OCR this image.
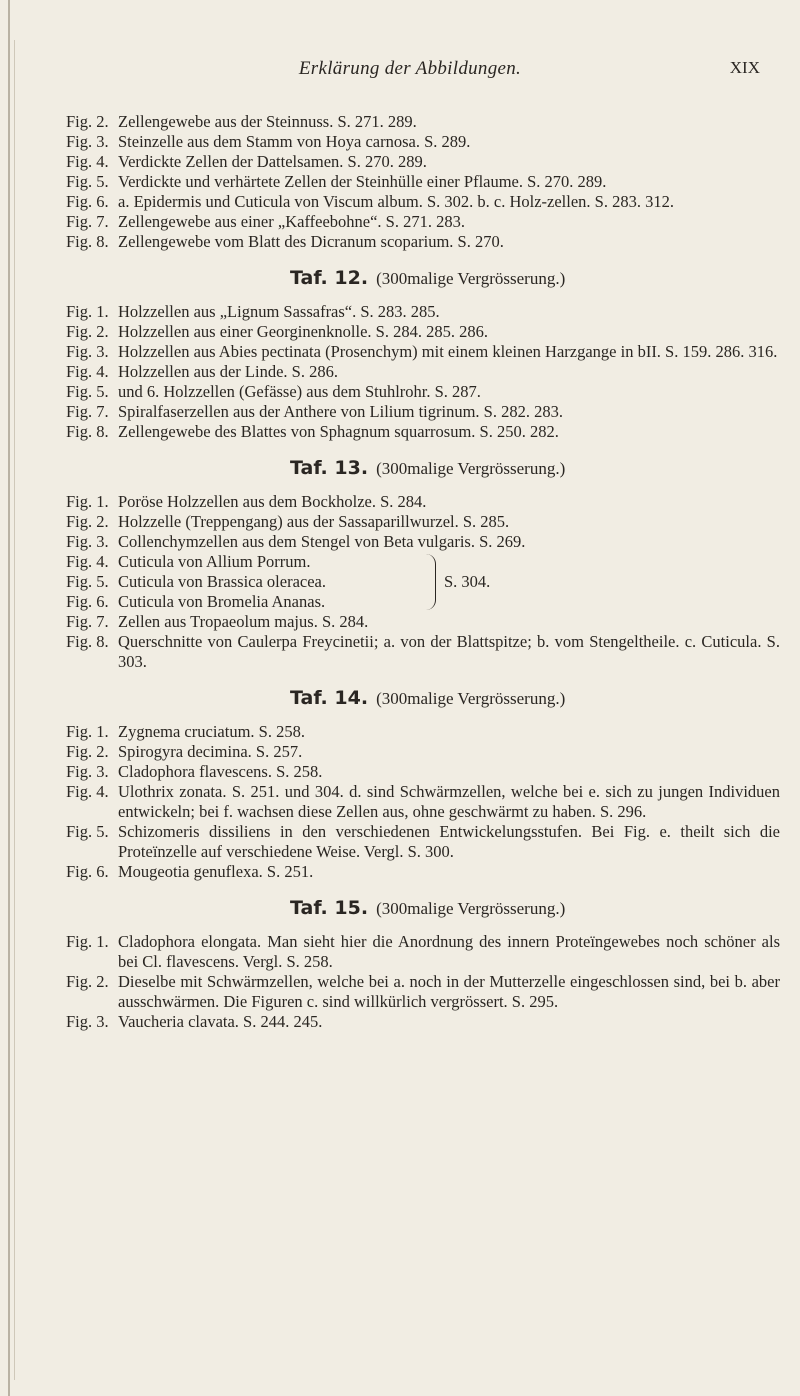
Erklärung der Abbildungen.	XIX
Fig. 2. Zellengewebe aus der Steinnuss. S. 271. 289.
Fig. 3. Steinzelle aus dem Stamm von Hoya carnosa. S. 289.
Fig. 4. Verdickte Zellen der Dattelsamen. S. 270. 289.
Fig. 5. Verdickte und verhärtete Zellen der Steinhülle einer Pflaume. S. 270. 289.
Fig. 6. a. Epidermis und Cuticula von Viscum album. S. 302. b. c. Holz-zellen. S. 283. 312.
Fig. 7. Zellengewebe aus einer „Kaffeebohne“. S. 271. 283.
Fig. 8. Zellengewebe vom Blatt des Dicranum scoparium. S. 270.
Taf. 12. (300malige Vergrösserung.)
Fig. 1. Holzzellen aus „Lignum Sassafras“. S. 283. 285.
Fig. 2. Holzzellen aus einer Georginenknolle. S. 284. 285. 286.
Fig. 3. Holzzellen aus Abies pectinata (Prosenchym) mit einem kleinen Harzgange in bII. S. 159. 286. 316.
Fig. 4. Holzzellen aus der Linde. S. 286.
Fig. 5. und 6. Holzzellen (Gefässe) aus dem Stuhlrohr. S. 287.
Fig. 7. Spiralfaserzellen aus der Anthere von Lilium tigrinum. S. 282. 283.
Fig. 8. Zellengewebe des Blattes von Sphagnum squarrosum. S. 250. 282.
Taf. 13. (300malige Vergrösserung.)
Fig. 1. Poröse Holzzellen aus dem Bockholze. S. 284.
Fig. 2. Holzzelle (Treppengang) aus der Sassaparillwurzel. S. 285.
Fig. 3. Collenchymzellen aus dem Stengel von Beta vulgaris. S. 269.
Fig. 4. Cuticula von Allium Porrum.
Fig. 5. Cuticula von Brassica oleracea.
Fig. 6. Cuticula von Bromelia Ananas.
S. 304.
Fig. 7. Zellen aus Tropaeolum majus. S. 284.
Fig. 8. Querschnitte von Caulerpa Freycinetii; a. von der Blattspitze; b. vom Stengeltheile. c. Cuticula. S. 303.
Taf. 14. (300malige Vergrösserung.)
Fig. 1. Zygnema cruciatum. S. 258.
Fig. 2. Spirogyra decimina. S. 257.
Fig. 3. Cladophora flavescens. S. 258.
Fig. 4. Ulothrix zonata. S. 251. und 304. d. sind Schwärmzellen, welche bei e. sich zu jungen Individuen entwickeln; bei f. wachsen diese Zellen aus, ohne geschwärmt zu haben. S. 296.
Fig. 5. Schizomeris dissiliens in den verschiedenen Entwickelungsstufen. Bei Fig. e. theilt sich die Proteïnzelle auf verschiedene Weise. Vergl. S. 300.
Fig. 6. Mougeotia genuflexa. S. 251.
Taf. 15. (300malige Vergrösserung.)
Fig. 1. Cladophora elongata. Man sieht hier die Anordnung des innern Proteïngewebes noch schöner als bei Cl. flavescens. Vergl. S. 258.
Fig. 2. Dieselbe mit Schwärmzellen, welche bei a. noch in der Mutterzelle eingeschlossen sind, bei b. aber ausschwärmen. Die Figuren c. sind willkürlich vergrössert. S. 295.
Fig. 3. Vaucheria clavata. S. 244. 245.
